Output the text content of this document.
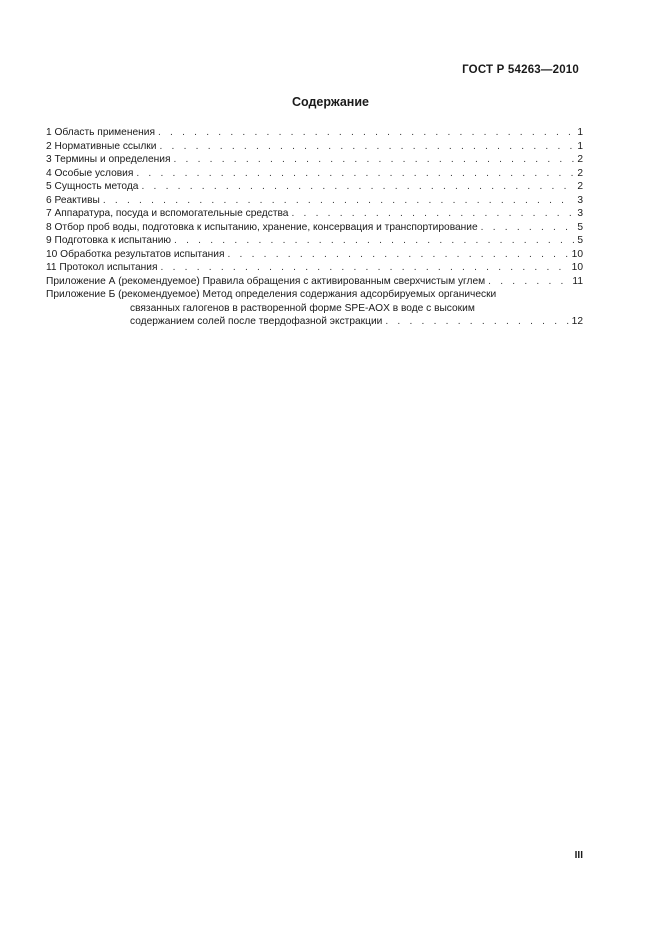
ГОСТ Р 54263—2010
Содержание
1 Область применения . . .	1
2 Нормативные ссылки . . .	1
3 Термины и определения . . .	2
4 Особые условия . . .	2
5 Сущность метода . . .	2
6 Реактивы . . .	3
7 Аппаратура, посуда и вспомогательные средства . . .	3
8 Отбор проб воды, подготовка к испытанию, хранение, консервация и транспортирование . . .	5
9 Подготовка к испытанию . . .	5
10 Обработка результатов испытания . . .	10
11 Протокол испытания . . .	10
Приложение А (рекомендуемое) Правила обращения с активированным сверхчистым углем . . .	11
Приложение Б (рекомендуемое) Метод определения содержания адсорбируемых органически
связанных галогенов в растворенной форме SPE-AOX в воде с высоким
содержанием солей после твердофазной экстракции . . .	12
III
